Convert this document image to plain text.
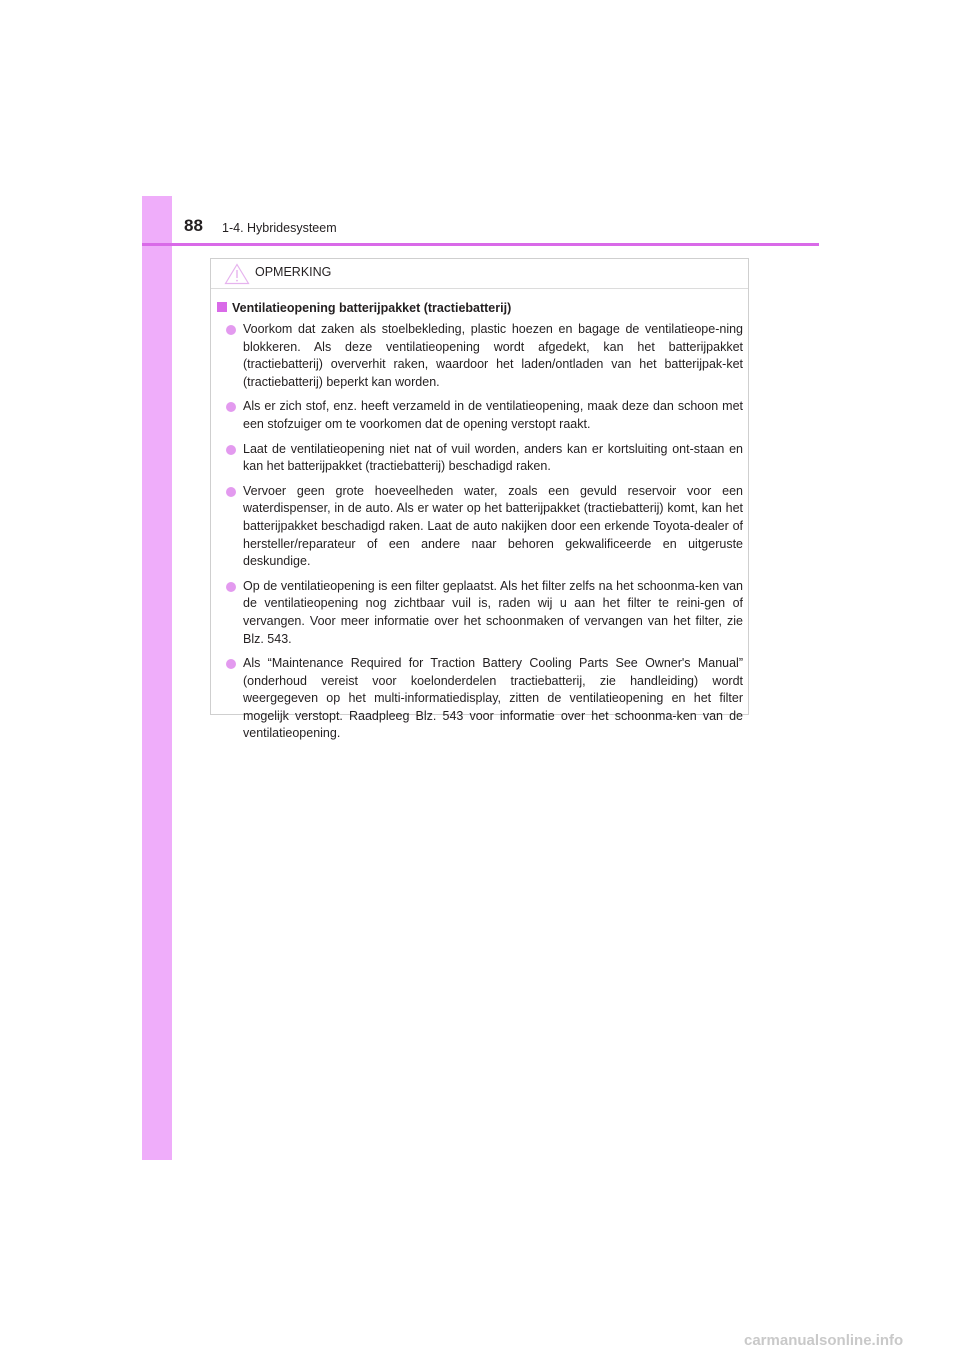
88 1-4. Hybridesysteem
OPMERKING
Ventilatieopening batterijpakket (tractiebatterij)
Voorkom dat zaken als stoelbekleding, plastic hoezen en bagage de ventilatieope-ning blokkeren. Als deze ventilatieopening wordt afgedekt, kan het batterijpakket (tractiebatterij) oververhit raken, waardoor het laden/ontladen van het batterijpak-ket (tractiebatterij) beperkt kan worden.
Als er zich stof, enz. heeft verzameld in de ventilatieopening, maak deze dan schoon met een stofzuiger om te voorkomen dat de opening verstopt raakt.
Laat de ventilatieopening niet nat of vuil worden, anders kan er kortsluiting ont-staan en kan het batterijpakket (tractiebatterij) beschadigd raken.
Vervoer geen grote hoeveelheden water, zoals een gevuld reservoir voor een waterdispenser, in de auto. Als er water op het batterijpakket (tractiebatterij) komt, kan het batterijpakket beschadigd raken. Laat de auto nakijken door een erkende Toyota-dealer of hersteller/reparateur of een andere naar behoren gekwalificeerde en uitgeruste deskundige.
Op de ventilatieopening is een filter geplaatst. Als het filter zelfs na het schoonma-ken van de ventilatieopening nog zichtbaar vuil is, raden wij u aan het filter te reini-gen of vervangen. Voor meer informatie over het schoonmaken of vervangen van het filter, zie Blz. 543.
Als “Maintenance Required for Traction Battery Cooling Parts See Owner's Manual” (onderhoud vereist voor koelonderdelen tractiebatterij, zie handleiding) wordt weergegeven op het multi-informatiedisplay, zitten de ventilatieopening en het filter mogelijk verstopt. Raadpleeg Blz. 543 voor informatie over het schoonma-ken van de ventilatieopening.
carmanualsonline.info
